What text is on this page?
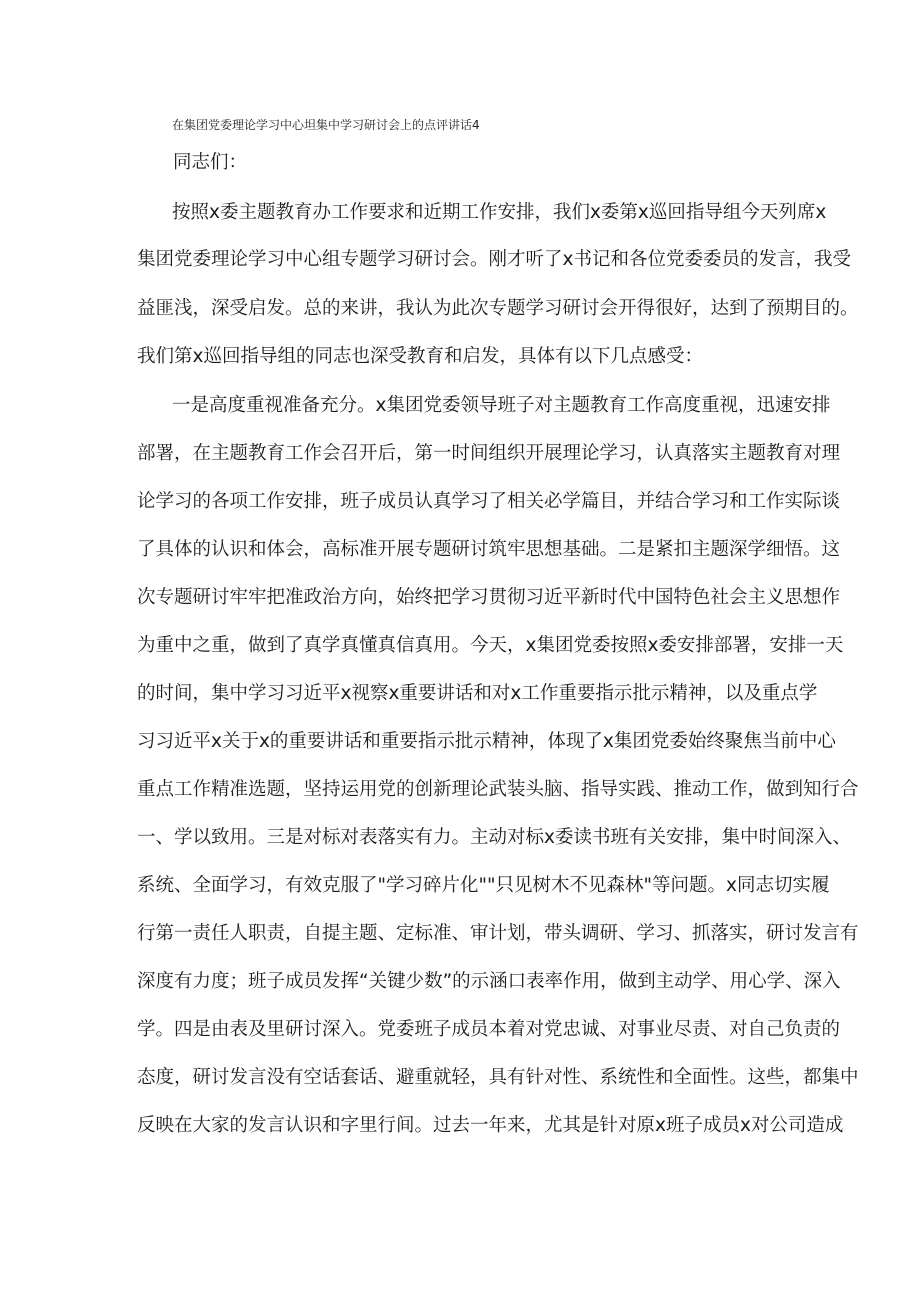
在集团党委理论学习中心坦集中学习研讨会上的点评讲话4
同志们：
按照x委主题教育办工作要求和近期工作安排，我们x委第x巡回指导组今天列席x
集团党委理论学习中心组专题学习研讨会。刚才听了x书记和各位党委委员的发言，我受
益匪浅，深受启发。总的来讲，我认为此次专题学习研讨会开得很好，达到了预期目的。
我们第x巡回指导组的同志也深受教育和启发，具体有以下几点感受：
一是高度重视准备充分。x集团党委领导班子对主题教育工作高度重视，迅速安排
部署，在主题教育工作会召开后，第一时间组织开展理论学习，认真落实主题教育对理
论学习的各项工作安排，班子成员认真学习了相关必学篇目，并结合学习和工作实际谈
了具体的认识和体会，高标准开展专题研讨筑牢思想基础。二是紧扣主题深学细悟。这
次专题研讨牢牢把准政治方向，始终把学习贯彻习近平新时代中国特色社会主义思想作
为重中之重，做到了真学真懂真信真用。今天，x集团党委按照x委安排部署，安排一天
的时间，集中学习习近平x视察x重要讲话和对x工作重要指示批示精神，以及重点学
习习近平x关于x的重要讲话和重要指示批示精神，体现了x集团党委始终聚焦当前中心
重点工作精准选题，坚持运用党的创新理论武装头脑、指导实践、推动工作，做到知行合
一、学以致用。三是对标对表落实有力。主动对标x委读书班有关安排，集中时间深入、
系统、全面学习，有效克服了"学习碎片化""只见树木不见森林"等问题。x同志切实履
行第一责任人职责，自提主题、定标准、审计划，带头调研、学习、抓落实，研讨发言有
深度有力度；班子成员发挥“关键少数”的示涵口表率作用，做到主动学、用心学、深入
学。四是由表及里研讨深入。党委班子成员本着对党忠诚、对事业尽责、对自己负责的
态度，研讨发言没有空话套话、避重就轻，具有针对性、系统性和全面性。这些，都集中
反映在大家的发言认识和字里行间。过去一年来，尤其是针对原x班子成员x对公司造成
